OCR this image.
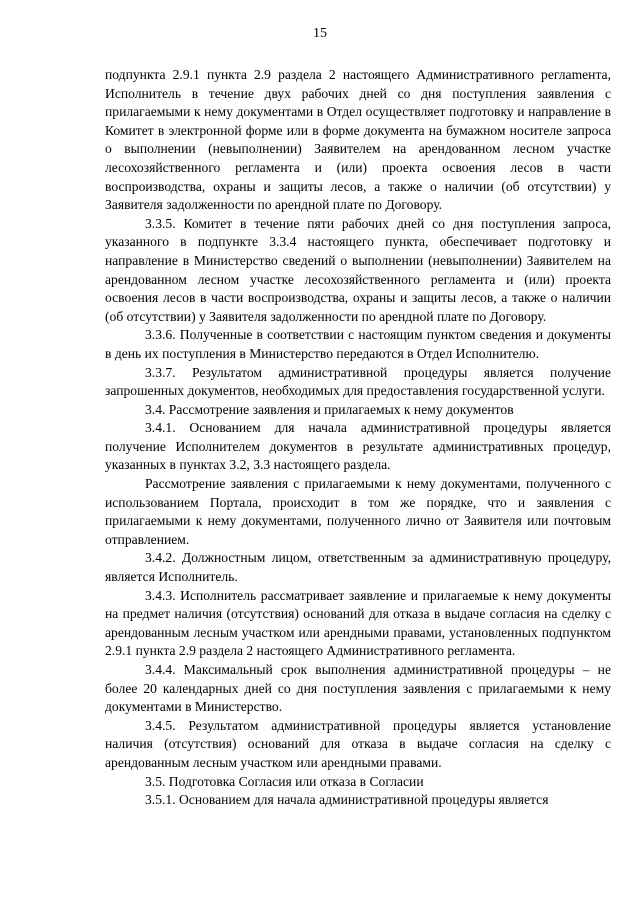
15

подпункта 2.9.1 пункта 2.9 раздела 2 настоящего Административного реглаmента, Исполнитель в течение двух рабочих дней со дня поступления заявления с прилагаемыми к нему документами в Отдел осуществляет подготовку и направление в Комитет в электронной форме или в форме документа на бумажном носителе запроса о выполнении (невыполнении) Заявителем на арендованном лесном участке лесохозяйственного регламента и (или) проекта освоения лесов в части воспроизводства, охраны и защиты лесов, а также о наличии (об отсутствии) у Заявителя задолженности по арендной плате по Договору.

3.3.5. Комитет в течение пяти рабочих дней со дня поступления запроса, указанного в подпункте 3.3.4 настоящего пункта, обеспечивает подготовку и направление в Министерство сведений о выполнении (невыполнении) Заявителем на арендованном лесном участке лесохозяйственного регламента и (или) проекта освоения лесов в части воспроизводства, охраны и защиты лесов, а также о наличии (об отсутствии) у Заявителя задолженности по арендной плате по Договору.

3.3.6. Полученные в соответствии с настоящим пунктом сведения и документы в день их поступления в Министерство передаются в Отдел Исполнителю.

3.3.7. Результатом административной процедуры является получение запрошенных документов, необходимых для предоставления государственной услуги.

3.4. Рассмотрение заявления и прилагаемых к нему документов

3.4.1. Основанием для начала административной процедуры является получение Исполнителем документов в результате административных процедур, указанных в пунктах 3.2, 3.3 настоящего раздела.

Рассмотрение заявления с прилагаемыми к нему документами, полученного с использованием Портала, происходит в том же порядке, что и заявления с прилагаемыми к нему документами, полученного лично от Заявителя или почтовым отправлением.

3.4.2. Должностным лицом, ответственным за административную процедуру, является Исполнитель.

3.4.3. Исполнитель рассматривает заявление и прилагаемые к нему документы на предмет наличия (отсутствия) оснований для отказа в выдаче согласия на сделку с арендованным лесным участком или арендными правами, установленных подпунктом 2.9.1 пункта 2.9 раздела 2 настоящего Административного регламента.

3.4.4. Максимальный срок выполнения административной процедуры – не более 20 календарных дней со дня поступления заявления с прилагаемыми к нему документами в Министерство.

3.4.5. Результатом административной процедуры является установление наличия (отсутствия) оснований для отказа в выдаче согласия на сделку с арендованным лесным участком или арендными правами.

3.5. Подготовка Согласия или отказа в Согласии

3.5.1. Основанием для начала административной процедуры является
